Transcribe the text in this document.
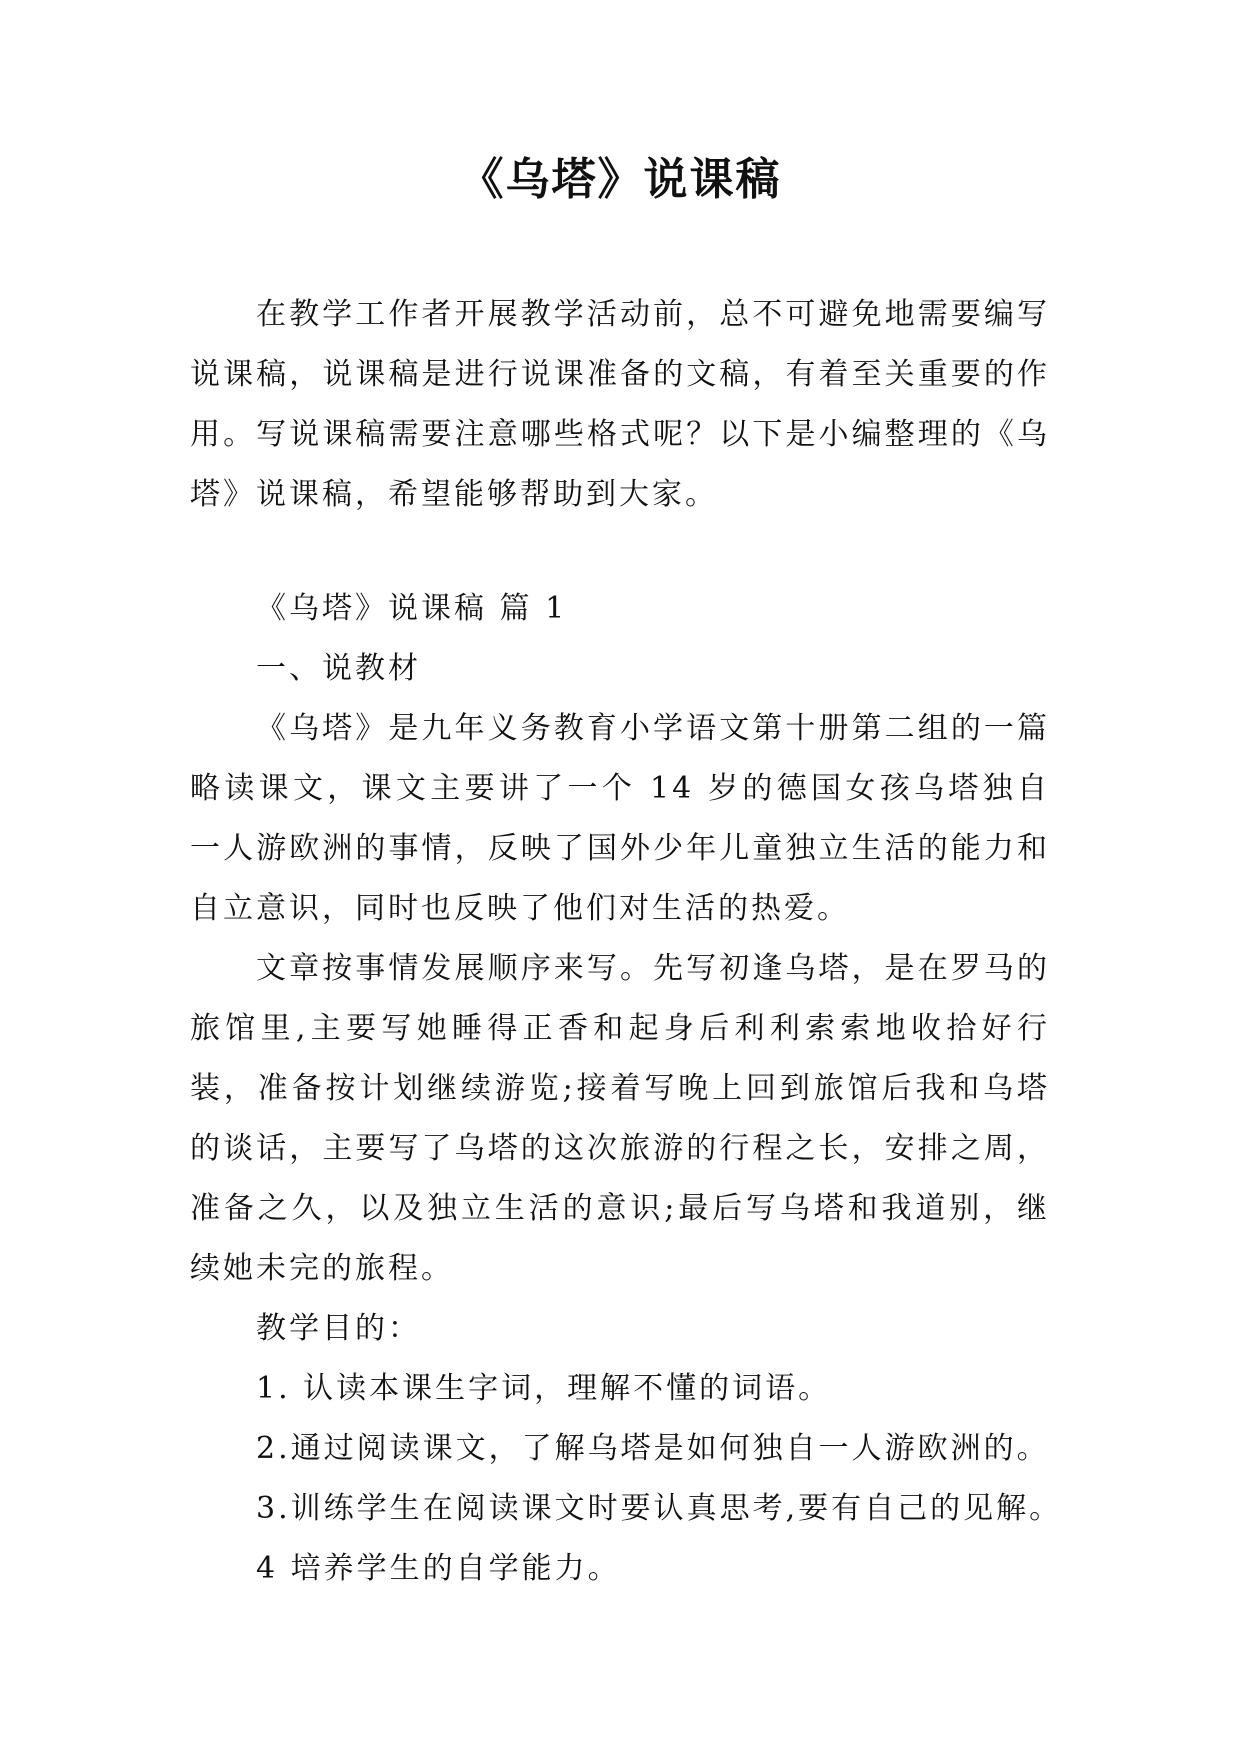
《乌塔》说课稿

在教学工作者开展教学活动前，总不可避免地需要编写说课稿，说课稿是进行说课准备的文稿，有着至关重要的作用。写说课稿需要注意哪些格式呢？以下是小编整理的《乌塔》说课稿，希望能够帮助到大家。

《乌塔》说课稿 篇 1

一、说教材

《乌塔》是九年义务教育小学语文第十册第二组的一篇略读课文，课文主要讲了一个 14 岁的德国女孩乌塔独自一人游欧洲的事情，反映了国外少年儿童独立生活的能力和自立意识，同时也反映了他们对生活的热爱。

文章按事情发展顺序来写。先写初逢乌塔，是在罗马的旅馆里,主要写她睡得正香和起身后利利索索地收拾好行装，准备按计划继续游览;接着写晚上回到旅馆后我和乌塔的谈话，主要写了乌塔的这次旅游的行程之长，安排之周，准备之久，以及独立生活的意识;最后写乌塔和我道别，继续她未完的旅程。

教学目的：

1. 认读本课生字词，理解不懂的词语。

2.通过阅读课文，了解乌塔是如何独自一人游欧洲的。

3.训练学生在阅读课文时要认真思考,要有自己的见解。

4 培养学生的自学能力。
